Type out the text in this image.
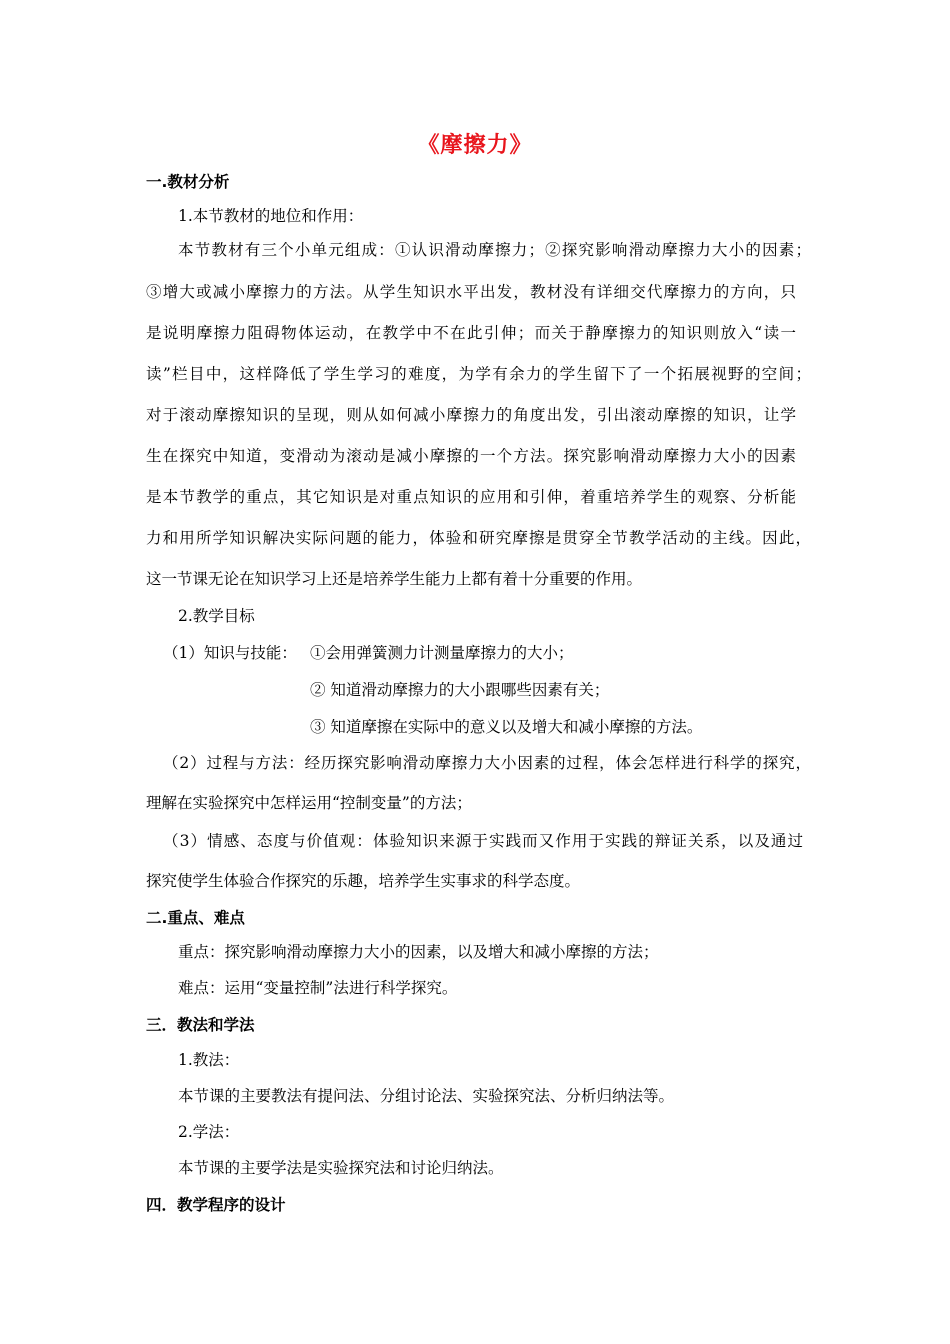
《摩擦力》
一.教材分析
1.本节教材的地位和作用：
本节教材有三个小单元组成：①认识滑动摩擦力；②探究影响滑动摩擦力大小的因素；
③增大或减小摩擦力的方法。从学生知识水平出发，教材没有详细交代摩擦力的方向，只
是说明摩擦力阻碍物体运动，在教学中不在此引伸；而关于静摩擦力的知识则放入“读一
读”栏目中，这样降低了学生学习的难度，为学有余力的学生留下了一个拓展视野的空间；
对于滚动摩擦知识的呈现，则从如何减小摩擦力的角度出发，引出滚动摩擦的知识，让学
生在探究中知道，变滑动为滚动是减小摩擦的一个方法。探究影响滑动摩擦力大小的因素
是本节教学的重点，其它知识是对重点知识的应用和引伸，着重培养学生的观察、分析能
力和用所学知识解决实际问题的能力，体验和研究摩擦是贯穿全节教学活动的主线。因此，
这一节课无论在知识学习上还是培养学生能力上都有着十分重要的作用。
2.教学目标
（1）知识与技能： ①会用弹簧测力计测量摩擦力的大小；
② 知道滑动摩擦力的大小跟哪些因素有关；
③ 知道摩擦在实际中的意义以及增大和减小摩擦的方法。
（2）过程与方法：经历探究影响滑动摩擦力大小因素的过程，体会怎样进行科学的探究，
理解在实验探究中怎样运用“控制变量”的方法；
（3）情感、态度与价值观：体验知识来源于实践而又作用于实践的辩证关系，以及通过
探究使学生体验合作探究的乐趣，培养学生实事求的科学态度。
二.重点、难点
重点：探究影响滑动摩擦力大小的因素，以及增大和减小摩擦的方法；
难点：运用“变量控制”法进行科学探究。
三．教法和学法
1.教法：
本节课的主要教法有提问法、分组讨论法、实验探究法、分析归纳法等。
2.学法：
本节课的主要学法是实验探究法和讨论归纳法。
四．教学程序的设计
